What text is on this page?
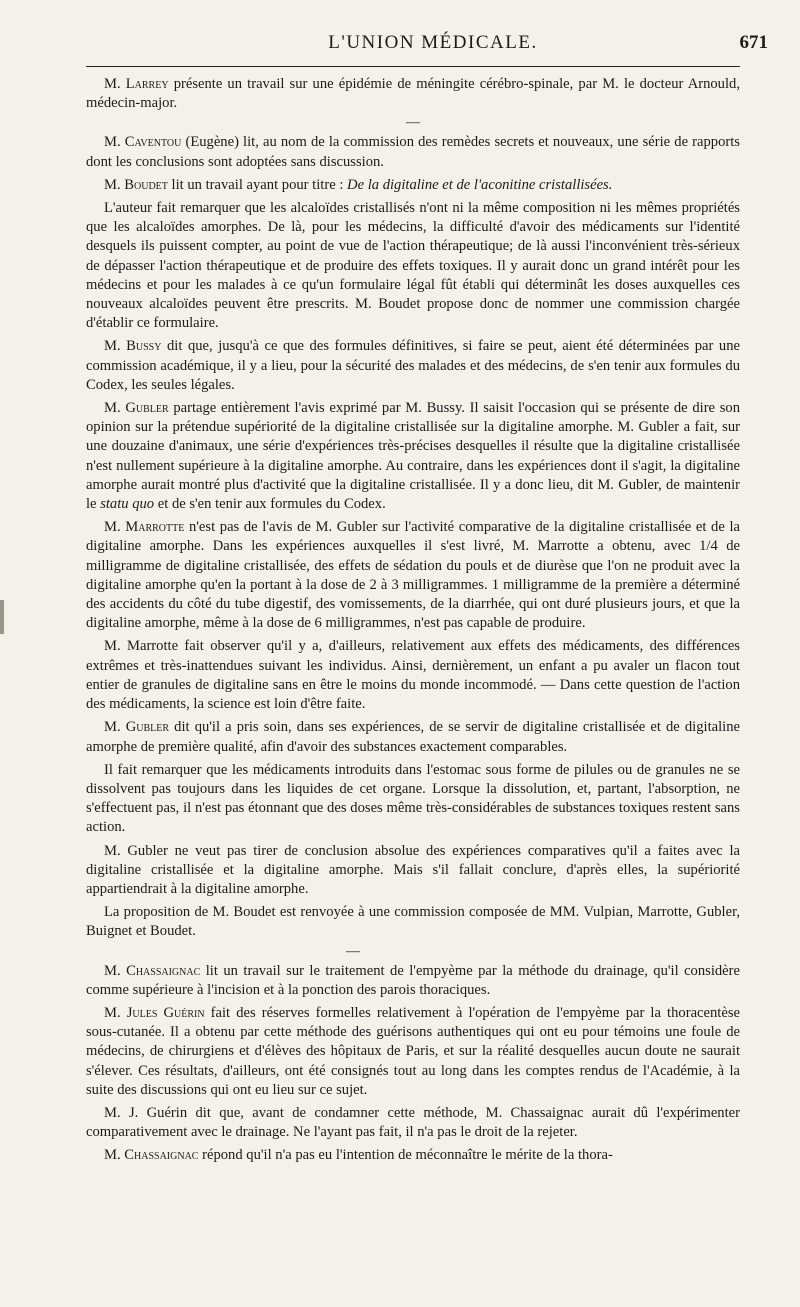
L'UNION MÉDICALE.	671

M. Larrey présente un travail sur une épidémie de méningite cérébro-spinale, par M. le docteur Arnould, médecin-major.

—

M. Caventou (Eugène) lit, au nom de la commission des remèdes secrets et nouveaux, une série de rapports dont les conclusions sont adoptées sans discussion.

M. Boudet lit un travail ayant pour titre : De la digitaline et de l'aconitine cristallisées.

L'auteur fait remarquer que les alcaloïdes cristallisés n'ont ni la même composition ni les mêmes propriétés que les alcaloïdes amorphes. De là, pour les médecins, la difficulté d'avoir des médicaments sur l'identité desquels ils puissent compter, au point de vue de l'action thérapeutique; de là aussi l'inconvénient très-sérieux de dépasser l'action thérapeutique et de produire des effets toxiques. Il y aurait donc un grand intérêt pour les médecins et pour les malades à ce qu'un formulaire légal fût établi qui déterminât les doses auxquelles ces nouveaux alcaloïdes peuvent être prescrits. M. Boudet propose donc de nommer une commission chargée d'établir ce formulaire.

M. Bussy dit que, jusqu'à ce que des formules définitives, si faire se peut, aient été déterminées par une commission académique, il y a lieu, pour la sécurité des malades et des médecins, de s'en tenir aux formules du Codex, les seules légales.

M. Gubler partage entièrement l'avis exprimé par M. Bussy. Il saisit l'occasion qui se présente de dire son opinion sur la prétendue supériorité de la digitaline cristallisée sur la digitaline amorphe. M. Gubler a fait, sur une douzaine d'animaux, une série d'expériences très-précises desquelles il résulte que la digitaline cristallisée n'est nullement supérieure à la digitaline amorphe. Au contraire, dans les expériences dont il s'agit, la digitaline amorphe aurait montré plus d'activité que la digitaline cristallisée. Il y a donc lieu, dit M. Gubler, de maintenir le statu quo et de s'en tenir aux formules du Codex.

M. Marrotte n'est pas de l'avis de M. Gubler sur l'activité comparative de la digitaline cristallisée et de la digitaline amorphe. Dans les expériences auxquelles il s'est livré, M. Marrotte a obtenu, avec 1/4 de milligramme de digitaline cristallisée, des effets de sédation du pouls et de diurèse que l'on ne produit avec la digitaline amorphe qu'en la portant à la dose de 2 à 3 milligrammes. 1 milligramme de la première a déterminé des accidents du côté du tube digestif, des vomissements, de la diarrhée, qui ont duré plusieurs jours, et que la digitaline amorphe, même à la dose de 6 milligrammes, n'est pas capable de produire.

M. Marrotte fait observer qu'il y a, d'ailleurs, relativement aux effets des médicaments, des différences extrêmes et très-inattendues suivant les individus. Ainsi, dernièrement, un enfant a pu avaler un flacon tout entier de granules de digitaline sans en être le moins du monde incommodé. — Dans cette question de l'action des médicaments, la science est loin d'être faite.

M. Gubler dit qu'il a pris soin, dans ses expériences, de se servir de digitaline cristallisée et de digitaline amorphe de première qualité, afin d'avoir des substances exactement comparables.

Il fait remarquer que les médicaments introduits dans l'estomac sous forme de pilules ou de granules ne se dissolvent pas toujours dans les liquides de cet organe. Lorsque la dissolution, et, partant, l'absorption, ne s'effectuent pas, il n'est pas étonnant que des doses même très-considérables de substances toxiques restent sans action.

M. Gubler ne veut pas tirer de conclusion absolue des expériences comparatives qu'il a faites avec la digitaline cristallisée et la digitaline amorphe. Mais s'il fallait conclure, d'après elles, la supériorité appartiendrait à la digitaline amorphe.

La proposition de M. Boudet est renvoyée à une commission composée de MM. Vulpian, Marrotte, Gubler, Buignet et Boudet.

—

M. Chassaignac lit un travail sur le traitement de l'empyème par la méthode du drainage, qu'il considère comme supérieure à l'incision et à la ponction des parois thoraciques.

M. Jules Guérin fait des réserves formelles relativement à l'opération de l'empyème par la thoracentèse sous-cutanée. Il a obtenu par cette méthode des guérisons authentiques qui ont eu pour témoins une foule de médecins, de chirurgiens et d'élèves des hôpitaux de Paris, et sur la réalité desquelles aucun doute ne saurait s'élever. Ces résultats, d'ailleurs, ont été consignés tout au long dans les comptes rendus de l'Académie, à la suite des discussions qui ont eu lieu sur ce sujet.

M. J. Guérin dit que, avant de condamner cette méthode, M. Chassaignac aurait dû l'expérimenter comparativement avec le drainage. Ne l'ayant pas fait, il n'a pas le droit de la rejeter.

M. Chassaignac répond qu'il n'a pas eu l'intention de méconnaître le mérite de la thora-
